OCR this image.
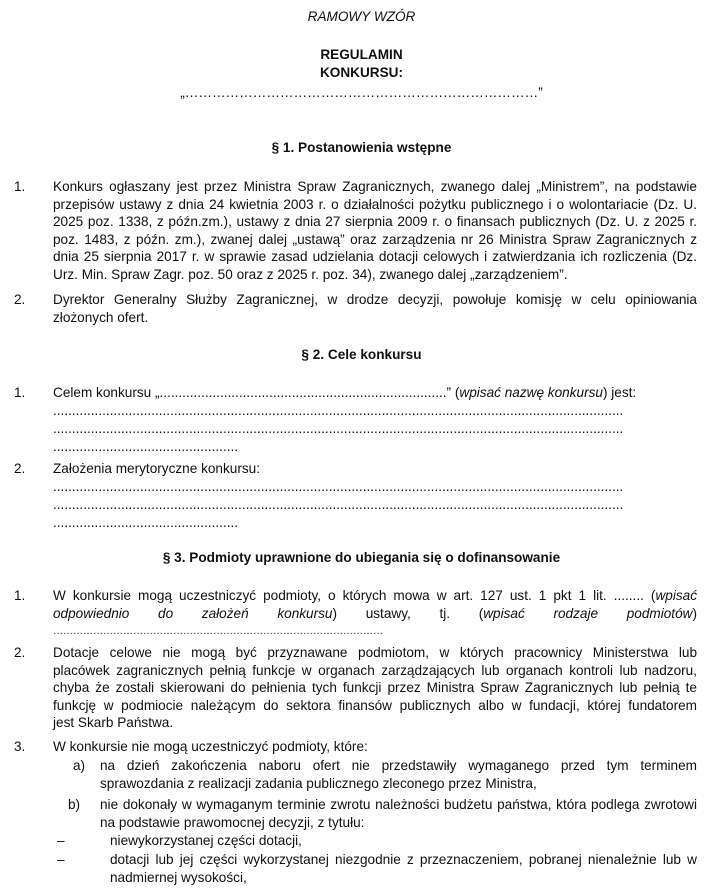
RAMOWY WZÓR
REGULAMIN
KONKURSU:
„……………………………………………………………………”
§ 1. Postanowienia wstępne
1.	Konkurs ogłaszany jest przez Ministra Spraw Zagranicznych, zwanego dalej „Ministrem”, na podstawie
przepisów ustawy z dnia 24 kwietnia 2003 r. o działalności pożytku publicznego i o wolontariacie (Dz. U.
2025 poz. 1338, z późn.zm.), ustawy z dnia 27 sierpnia 2009 r. o finansach publicznych (Dz. U. z 2025 r.
poz. 1483, z późn. zm.), zwanej dalej „ustawą” oraz zarządzenia nr 26 Ministra Spraw Zagranicznych z
dnia 25 sierpnia 2017 r. w sprawie zasad udzielania dotacji celowych i zatwierdzania ich rozliczenia (Dz.
Urz. Min. Spraw Zagr. poz. 50 oraz z 2025 r. poz. 34), zwanego dalej „zarządzeniem”.
2.	Dyrektor Generalny Służby Zagranicznej, w drodze decyzji, powołuje komisję w celu opiniowania
złożonych ofert.
§ 2. Cele konkursu
1.	Celem konkursu „............................................................................” (wpisać nazwę konkursu) jest:
.......................................................................................................................................................
.......................................................................................................................................................
.................................................
2.	Założenia merytoryczne konkursu:
.......................................................................................................................................................
.......................................................................................................................................................
.................................................
§ 3. Podmioty uprawnione do ubiegania się o dofinansowanie
1.	W konkursie mogą uczestniczyć podmioty, o których mowa w art. 127 ust. 1 pkt 1 lit. ........ (wpisać
odpowiednio do założeń konkursu) ustawy, tj. (wpisać rodzaje podmiotów)
………………………………………………………………………………………
2.	Dotacje celowe nie mogą być przyznawane podmiotom, w których pracownicy Ministerstwa lub
placówek zagranicznych pełnią funkcje w organach zarządzających lub organach kontroli lub nadzoru,
chyba że zostali skierowani do pełnienia tych funkcji przez Ministra Spraw Zagranicznych lub pełnią te
funkcję w podmiocie należącym do sektora finansów publicznych albo w fundacji, której fundatorem
jest Skarb Państwa.
3.	W konkursie nie mogą uczestniczyć podmioty, które:
a) na dzień zakończenia naboru ofert nie przedstawiły wymaganego przed tym terminem sprawozdania z realizacji zadania publicznego zleconego przez Ministra,
b) nie dokonały w wymaganym terminie zwrotu należności budżetu państwa, która podlega zwrotowi na podstawie prawomocnej decyzji, z tytułu:
–	niewykorzystanej części dotacji,
–	dotacji lub jej części wykorzystanej niezgodnie z przeznaczeniem, pobranej nienależnie lub w nadmiernej wysokości,
